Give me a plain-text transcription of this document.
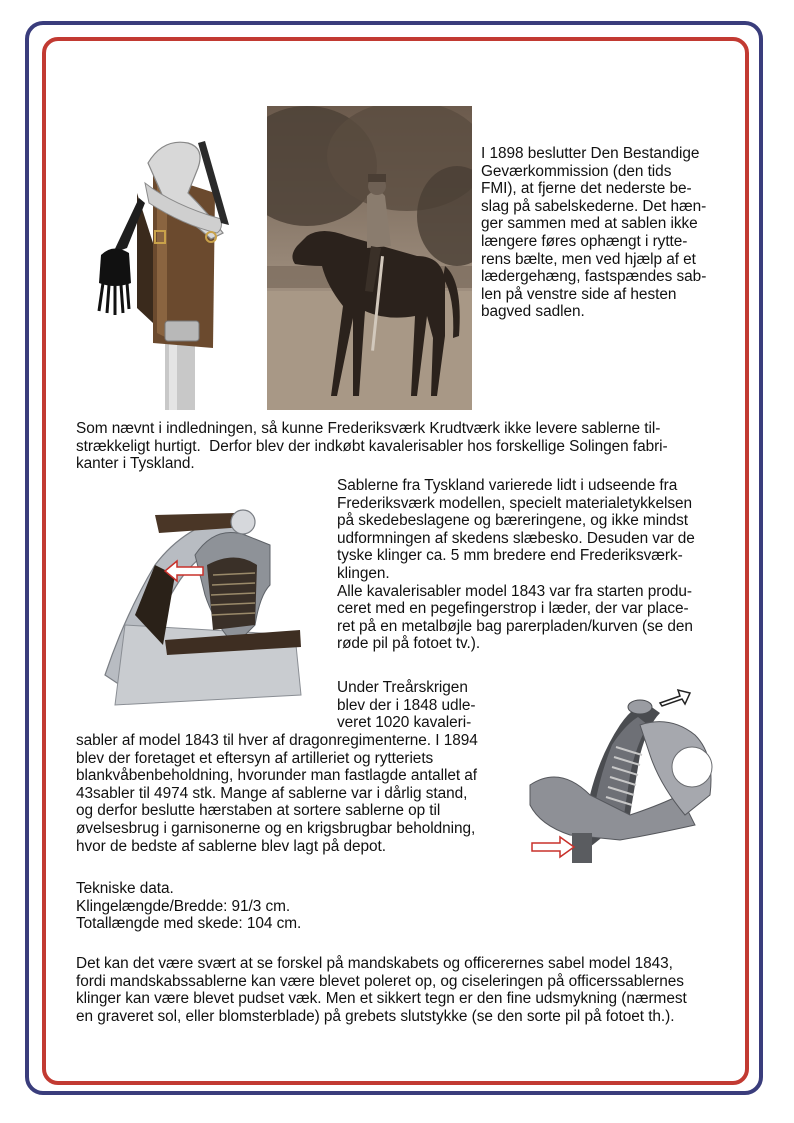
I 1898 beslutter Den Bestandige
Geværkommission (den tids
FMI), at fjerne det nederste be-
slag på sabelskederne. Det hæn-
ger sammen med at sablen ikke
længere føres ophængt i rytte-
rens bælte, men ved hjælp af et
lædergehæng, fastspændes sab-
len på venstre side af hesten
bagved sadlen.

Som nævnt i indledningen, så kunne Frederiksværk Krudtværk ikke levere sablerne til-
strækkeligt hurtigt.  Derfor blev der indkøbt kavalerisabler hos forskellige Solingen fabri-
kanter i Tyskland.

Sablerne fra Tyskland varierede lidt i udseende fra
Frederiksværk modellen, specielt materialetykkelsen
på skedebeslagene og bæreringene, og ikke mindst
udformningen af skedens slæbesko. Desuden var de
tyske klinger ca. 5 mm bredere end Frederiksværk-
klingen.
Alle kavalerisabler model 1843 var fra starten produ-
ceret med en pegefingerstrop i læder, der var place-
ret på en metalbøjle bag parerpladen/kurven (se den
røde pil på fotoet tv.).

Under Treårskrigen
blev der i 1848 udle-
veret 1020 kavaleri-

sabler af model 1843 til hver af dragonregimenterne. I 1894
blev der foretaget et eftersyn af artilleriet og rytteriets
blankvåbenbeholdning, hvorunder man fastlagde antallet af
43sabler til 4974 stk. Mange af sablerne var i dårlig stand,
og derfor beslutte hærstaben at sortere sablerne op til
øvelsesbrug i garnisonerne og en krigsbrugbar beholdning,
hvor de bedste af sablerne blev lagt på depot.

Tekniske data.
Klingelængde/Bredde: 91/3 cm.
Totallængde med skede: 104 cm.

Det kan det være svært at se forskel på mandskabets og officerernes sabel model 1843,
fordi mandskabssablerne kan være blevet poleret op, og ciseleringen på officerssablernes
klinger kan være blevet pudset væk. Men et sikkert tegn er den fine udsmykning (nærmest
en graveret sol, eller blomsterblade) på grebets slutstykke (se den sorte pil på fotoet th.).
